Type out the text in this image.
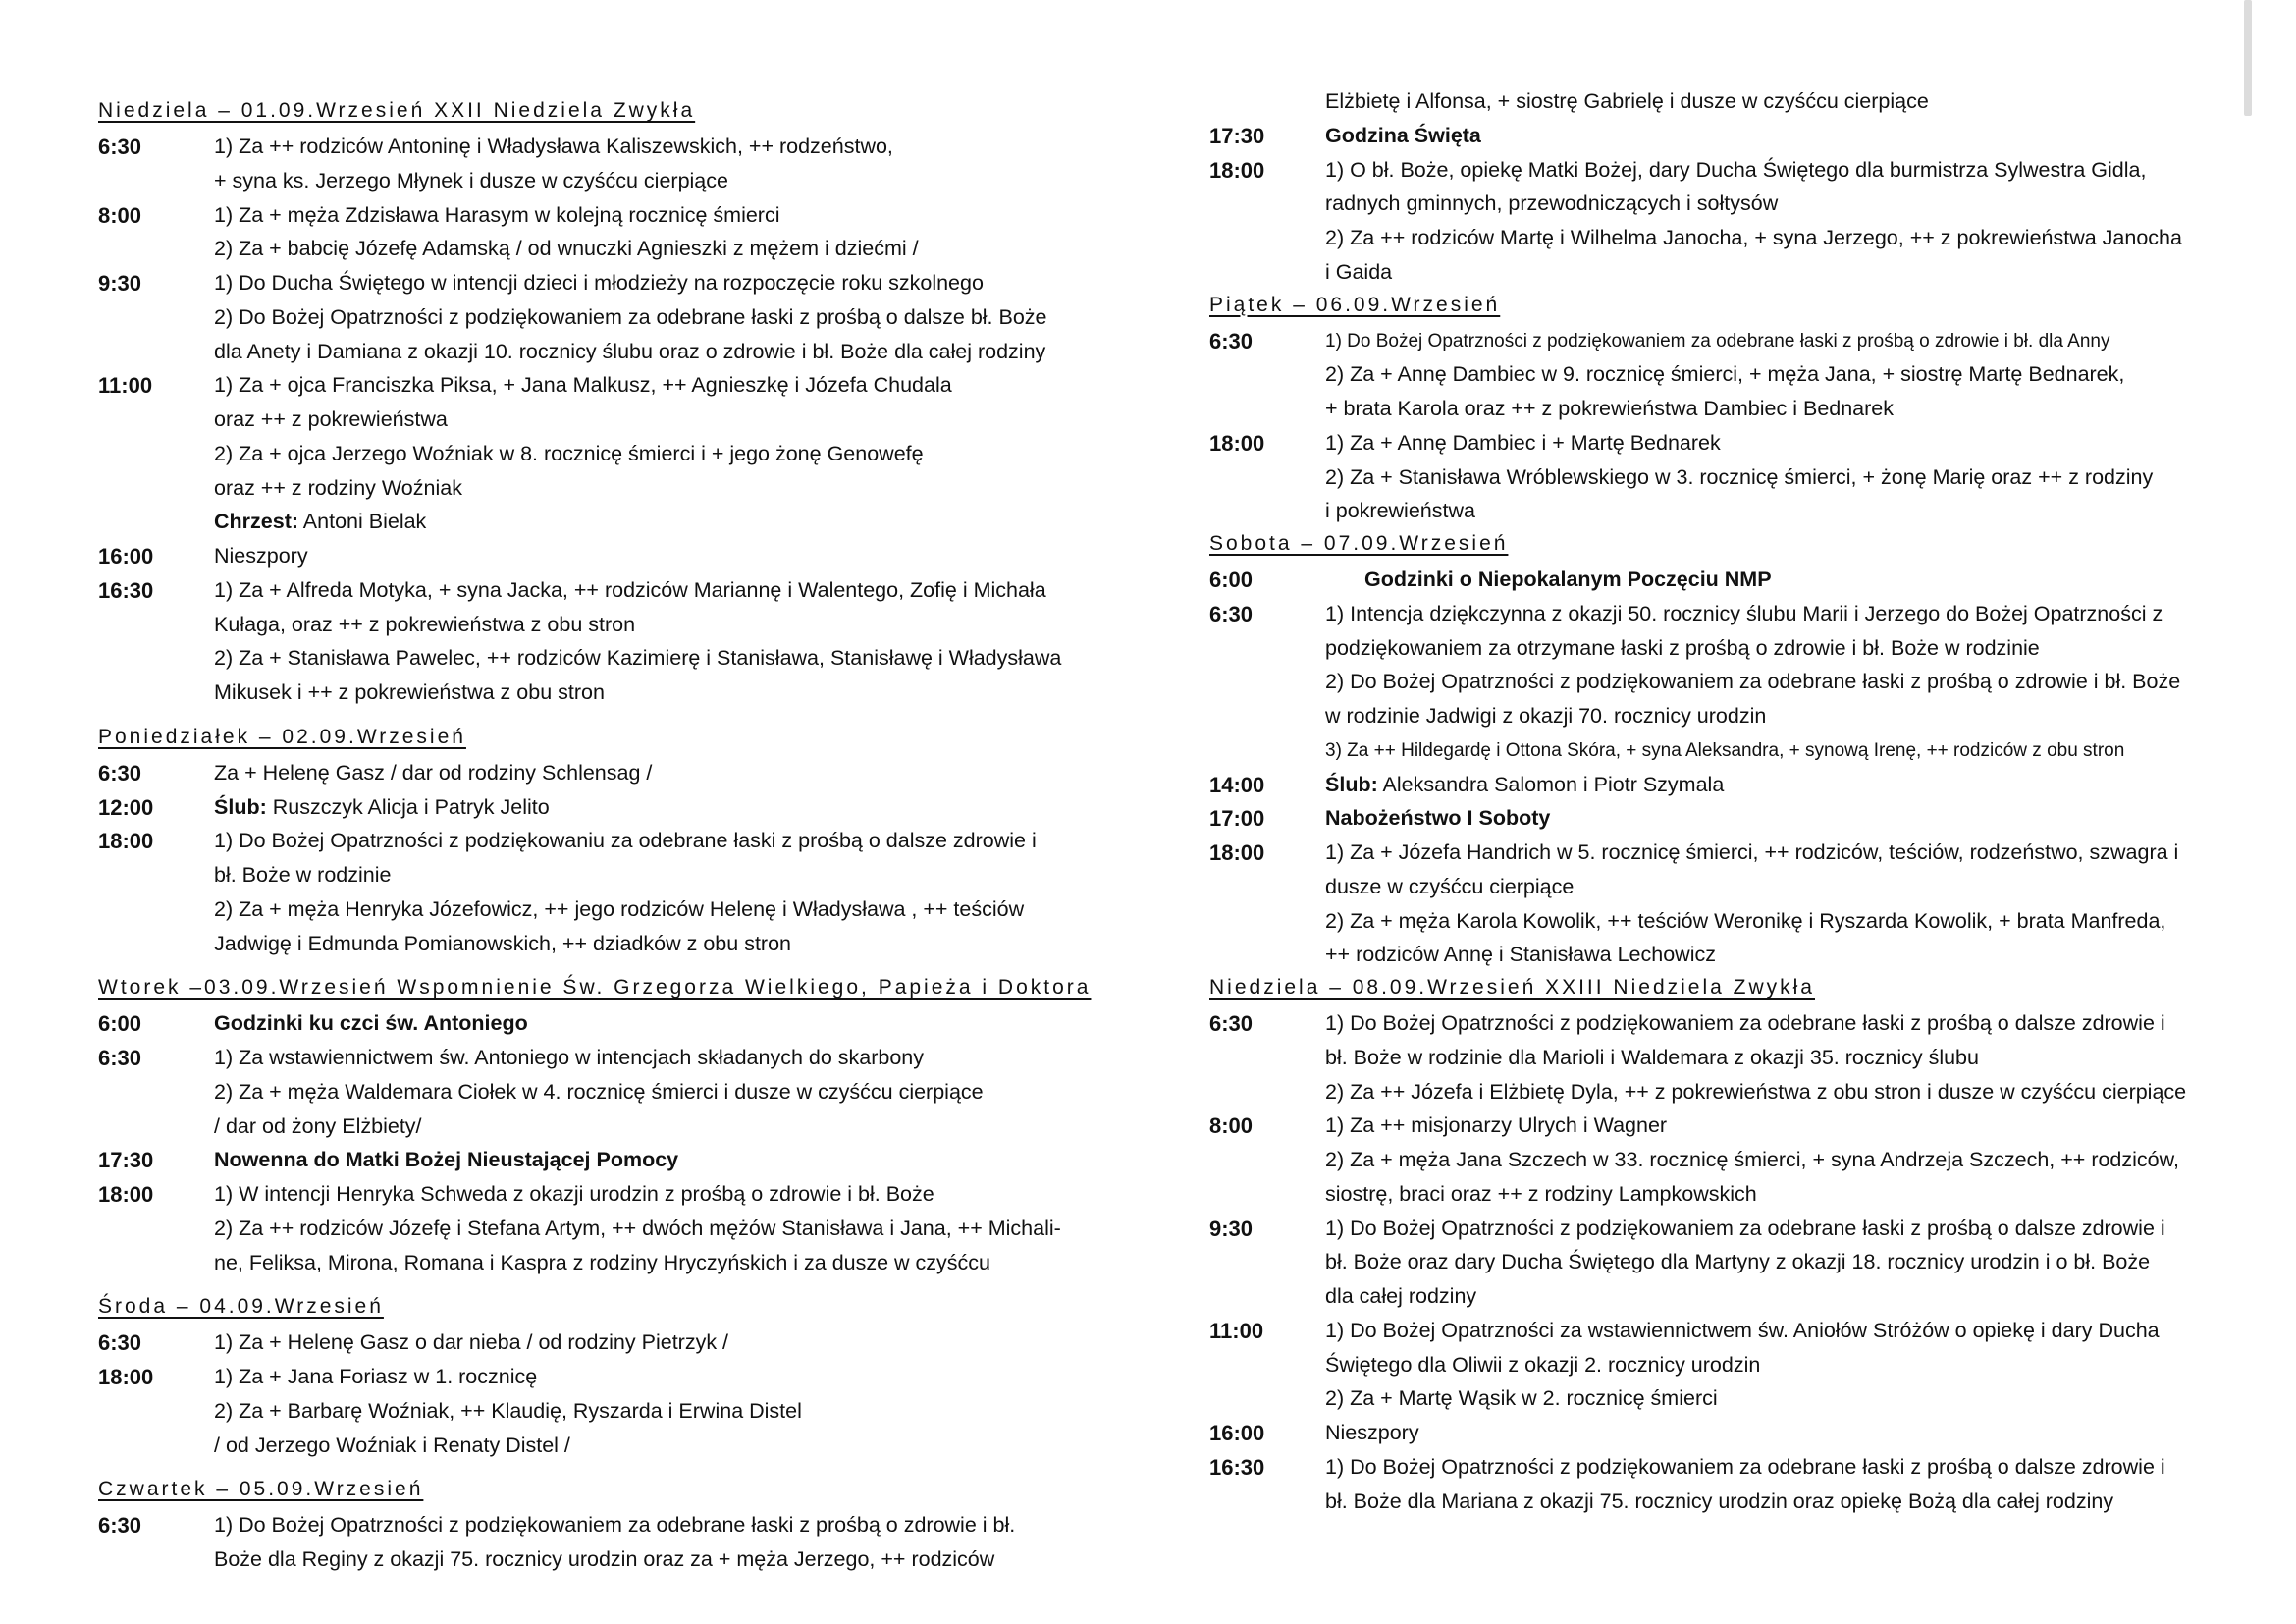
Niedziela – 01.09.Wrzesień XXII Niedziela Zwykła
6:30	1) Za ++ rodziców Antoninę i Władysława Kaliszewskich, ++ rodzeństwo,
+ syna ks. Jerzego Młynek i dusze w czyśćcu cierpiące
8:00	1) Za + męża Zdzisława Harasym w kolejną rocznicę śmierci
2) Za + babcię Józefę Adamską / od wnuczki Agnieszki z mężem i dziećmi /
9:30	1) Do Ducha Świętego w intencji dzieci i młodzieży na rozpoczęcie roku szkolnego
2) Do Bożej Opatrzności z podziękowaniem za odebrane łaski z prośbą o dalsze bł. Boże
dla Anety i Damiana z okazji 10. rocznicy ślubu oraz o zdrowie i bł. Boże dla całej rodziny
11:00	1) Za + ojca Franciszka Piksa, + Jana Malkusz, ++ Agnieszkę i Józefa Chudala
oraz ++ z pokrewieństwa
2) Za + ojca Jerzego Woźniak w 8. rocznicę śmierci i + jego żonę Genowefę
oraz ++ z rodziny Woźniak
Chrzest: Antoni Bielak
16:00	Nieszpory
16:30	1) Za + Alfreda Motyka, + syna Jacka, ++ rodziców Mariannę i Walentego, Zofię i Michała
Kułaga, oraz ++ z pokrewieństwa z obu stron
2) Za + Stanisława Pawelec, ++ rodziców Kazimierę i Stanisława, Stanisławę i Władysława
Mikusek i ++ z pokrewieństwa z obu stron
Poniedziałek – 02.09.Wrzesień
6:30	Za + Helenę Gasz / dar od rodziny Schlensag /
12:00	Ślub: Ruszczyk Alicja i Patryk Jelito
18:00	1) Do Bożej Opatrzności z podziękowaniu za odebrane łaski z prośbą o dalsze zdrowie i
bł. Boże w rodzinie
2) Za + męża Henryka Józefowicz, ++ jego rodziców Helenę i Władysława , ++ teściów
Jadwigę i Edmunda Pomianowskich, ++ dziadków z obu stron
Wtorek –03.09.Wrzesień Wspomnienie Św. Grzegorza Wielkiego, Papieża i Doktora
6:00	Godzinki ku czci św. Antoniego
6:30	1) Za wstawiennictwem św. Antoniego w intencjach składanych do skarbony
2) Za + męża Waldemara Ciołek w 4. rocznicę śmierci i dusze w czyśćcu cierpiące
/ dar od żony Elżbiety/
17:30	Nowenna do Matki Bożej Nieustającej Pomocy
18:00	1) W intencji Henryka Schweda z okazji urodzin z prośbą o zdrowie i bł. Boże
2) Za ++ rodziców Józefę i Stefana Artym, ++ dwóch mężów Stanisława i Jana, ++ Michali-
ne, Feliksa, Mirona, Romana i Kaspra z rodziny Hryczyńskich i za dusze w czyśćcu
Środa – 04.09.Wrzesień
6:30	1) Za + Helenę Gasz o dar nieba / od rodziny Pietrzyk /
18:00	1) Za + Jana Foriasz w 1. rocznicę
2) Za + Barbarę Woźniak, ++ Klaudię, Ryszarda i Erwina Distel
/ od Jerzego Woźniak i Renaty Distel /
Czwartek – 05.09.Wrzesień
6:30	1) Do Bożej Opatrzności z podziękowaniem za odebrane łaski z prośbą o zdrowie i bł.
Boże dla Reginy z okazji 75. rocznicy urodzin oraz za + męża Jerzego, ++ rodziców
Elżbietę i Alfonsa, + siostrę Gabrielę i dusze w czyśćcu cierpiące
17:30	Godzina Święta
18:00	1) O bł. Boże, opiekę Matki Bożej, dary Ducha Świętego dla burmistrza Sylwestra Gidla,
radnych gminnych, przewodniczących i sołtysów
2) Za ++ rodziców Martę i Wilhelma Janocha, + syna Jerzego, ++ z pokrewieństwa Janocha
i Gaida
Piątek – 06.09.Wrzesień
6:30	1) Do Bożej Opatrzności z podziękowaniem za odebrane łaski z prośbą o zdrowie i bł. dla Anny
2) Za + Annę Dambiec w 9. rocznicę śmierci, + męża Jana, + siostrę Martę Bednarek,
+ brata Karola oraz ++ z pokrewieństwa Dambiec i Bednarek
18:00	1) Za + Annę Dambiec i + Martę Bednarek
2) Za + Stanisława Wróblewskiego w 3. rocznicę śmierci, + żonę Marię oraz ++ z rodziny
i pokrewieństwa
Sobota – 07.09.Wrzesień
6:00	Godzinki o Niepokalanym Poczęciu NMP
6:30	1) Intencja dziękczynna z okazji 50. rocznicy ślubu Marii i Jerzego do Bożej Opatrzności z
podziękowaniem za otrzymane łaski z prośbą o zdrowie i bł. Boże w rodzinie
2) Do Bożej Opatrzności z podziękowaniem za odebrane łaski z prośbą o zdrowie i bł. Boże
w rodzinie Jadwigi z okazji 70. rocznicy urodzin
3) Za ++ Hildegardę i Ottona Skóra, + syna Aleksandra, + synową Irenę, ++ rodziców z obu stron
14:00	Ślub: Aleksandra Salomon i Piotr Szymala
17:00	Nabożeństwo I Soboty
18:00	1) Za + Józefa Handrich w 5. rocznicę śmierci, ++ rodziców, teściów, rodzeństwo, szwagra i
dusze w czyśćcu cierpiące
2) Za + męża Karola Kowolik, ++ teściów Weronikę i Ryszarda Kowolik, + brata Manfreda,
++ rodziców Annę i Stanisława Lechowicz
Niedziela – 08.09.Wrzesień XXIII Niedziela Zwykła
6:30	1) Do Bożej Opatrzności z podziękowaniem za odebrane łaski z prośbą o dalsze zdrowie i
bł. Boże w rodzinie dla Marioli i Waldemara z okazji 35. rocznicy ślubu
2) Za ++ Józefa i Elżbietę Dyla, ++ z pokrewieństwa z obu stron i dusze w czyśćcu cierpiące
8:00	1) Za ++ misjonarzy Ulrych i Wagner
2) Za + męża Jana Szczech w 33. rocznicę śmierci, + syna Andrzeja Szczech, ++ rodziców,
siostrę, braci oraz ++ z rodziny Lampkowskich
9:30	1) Do Bożej Opatrzności z podziękowaniem za odebrane łaski z prośbą o dalsze zdrowie i
bł. Boże oraz dary Ducha Świętego dla Martyny z okazji 18. rocznicy urodzin i o bł. Boże
dla całej rodziny
11:00	1) Do Bożej Opatrzności za wstawiennictwem św. Aniołów Stróżów o opiekę i dary Ducha
Świętego dla Oliwii z okazji 2. rocznicy urodzin
2) Za + Martę Wąsik w 2. rocznicę śmierci
16:00	Nieszpory
16:30	1) Do Bożej Opatrzności z podziękowaniem za odebrane łaski z prośbą o dalsze zdrowie i
bł. Boże dla Mariana z okazji 75. rocznicy urodzin oraz opiekę Bożą dla całej rodziny
